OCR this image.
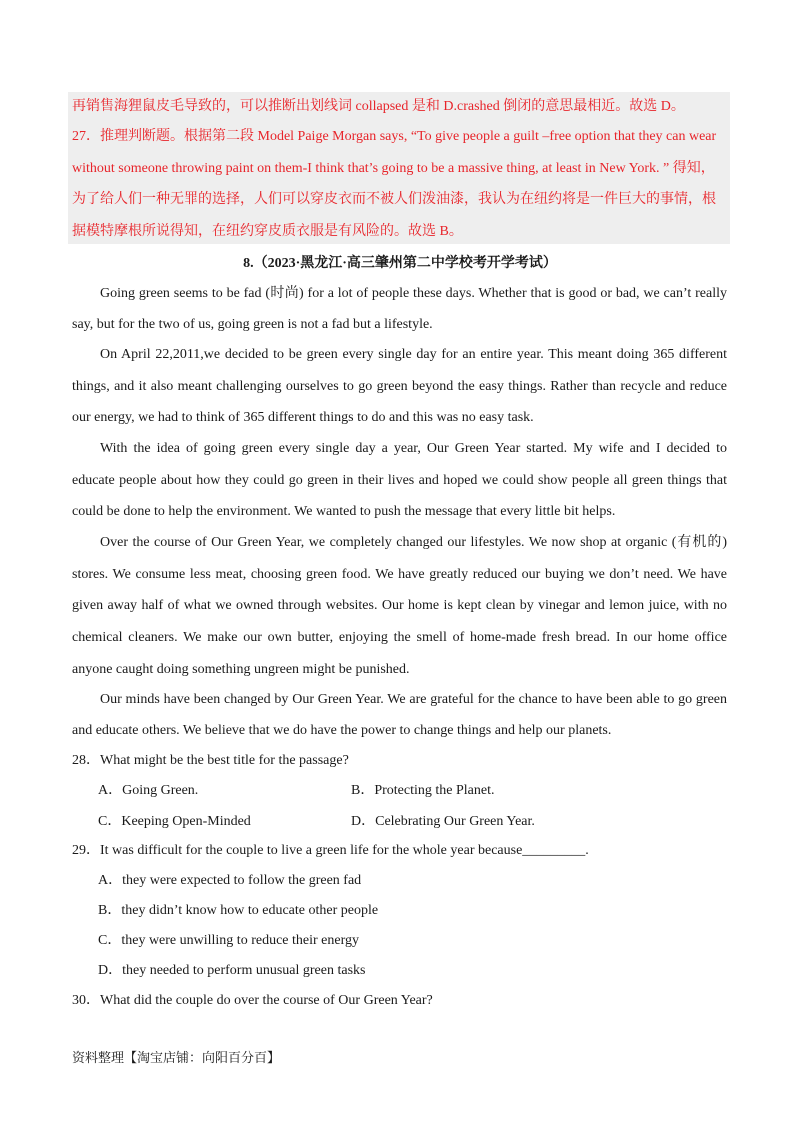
再销售海狸鼠皮毛导致的，可以推断出划线词 collapsed 是和 D.crashed 倒闭的意思最相近。故选 D。
27．推理判断题。根据第二段 Model Paige Morgan says, “To give people a guilt –free option that they can wear
without someone throwing paint on them-I think that’s going to be a massive thing, at least in New York. ” 得知，
为了给人们一种无罪的选择，人们可以穿皮衣而不被人们泼油漆，我认为在纽约将是一件巨大的事情，根
据模特摩根所说得知，在纽约穿皮质衣服是有风险的。故选 B。
8.（2023·黑龙江·高三肇州第二中学校考开学考试）
Going green seems to be fad (时尚) for a lot of people these days. Whether that is good or bad, we can’t really
say, but for the two of us, going green is not a fad but a lifestyle.
On April 22,2011,we decided to be green every single day for an entire year. This meant doing 365 different
things, and it also meant challenging ourselves to go green beyond the easy things. Rather than recycle and reduce
our energy, we had to think of 365 different things to do and this was no easy task.
With the idea of going green every single day a year, Our Green Year started. My wife and I decided to
educate people about how they could go green in their lives and hoped we could show people all green things that
could be done to help the environment. We wanted to push the message that every little bit helps.
Over the course of Our Green Year, we completely changed our lifestyles. We now shop at organic (有机的)
stores. We consume less meat, choosing green food. We have greatly reduced our buying we don’t need. We have
given away half of what we owned through websites. Our home is kept clean by vinegar and lemon juice, with no
chemical cleaners. We make our own butter, enjoying the smell of home-made fresh bread. In our home office
anyone caught doing something ungreen might be punished.
Our minds have been changed by Our Green Year. We are grateful for the chance to have been able to go green
and educate others. We believe that we do have the power to change things and help our planets.
28．What might be the best title for the passage?
A．Going Green.	B．Protecting the Planet.
C．Keeping Open-Minded	D．Celebrating Our Green Year.
29．It was difficult for the couple to live a green life for the whole year because_________.
A．they were expected to follow the green fad
B．they didn’t know how to educate other people
C．they were unwilling to reduce their energy
D．they needed to perform unusual green tasks
30．What did the couple do over the course of Our Green Year?
资料整理【淘宝店铺：向阳百分百】
